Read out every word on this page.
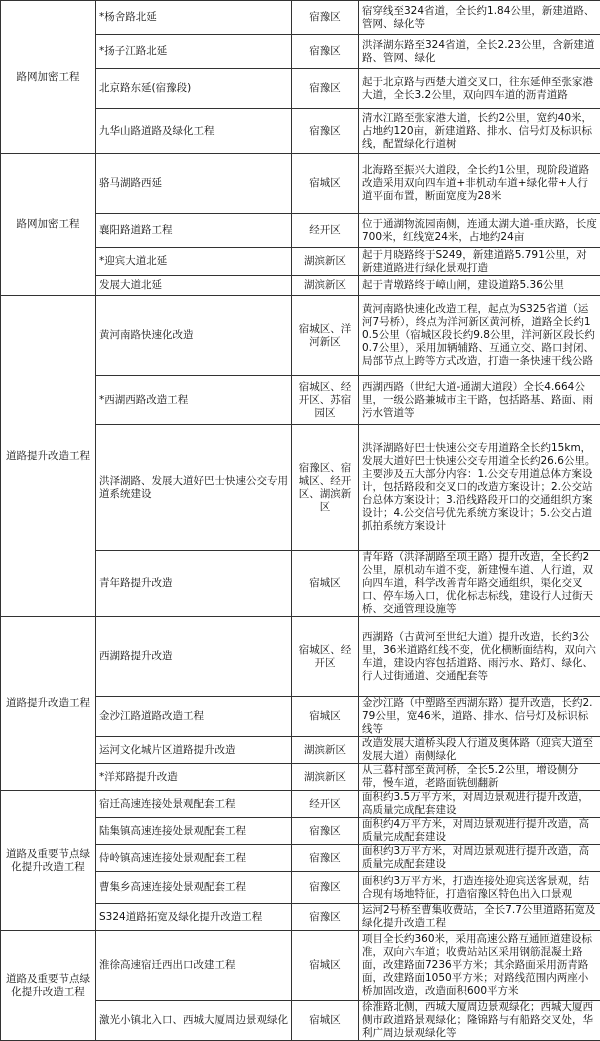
路网加密工程	*杨舍路北延	宿豫区	宿穿线至324省道，全长约1.84公里，新建道路、管网、绿化等
	*扬子江路北延	宿豫区	洪泽湖东路至324省道，全长2.23公里，含新建道路、管网、绿化
	北京路东延(宿豫段)	宿豫区	起于北京路与西楚大道交叉口，往东延伸至张家港大道，全长3.2公里，双向四车道的沥青道路
	九华山路道路及绿化工程	宿豫区	清水江路至张家港大道，长约2公里，宽约40米，占地约120亩，新建道路、排水、信号灯及标识标线，配置绿化行道树
路网加密工程	骆马湖路西延	宿城区	北海路至振兴大道段，全长约1公里，现阶段道路改造采用双向四车道+非机动车道+绿化带+人行道平面布置，断面宽度为28米
	襄阳路道路工程	经开区	位于通湖物流园南侧，连通太湖大道-重庆路，长度700米，红线宽24米，占地约24亩
	*迎宾大道北延	湖滨新区	起于月晓路终于S249，新建道路5.791公里，对新建道路进行绿化景观打造
	发展大道北延	湖滨新区	起于青墩路终于嶂山闸，建设道路5.36公里
道路提升改造工程	黄河南路快速化改造	宿城区、洋河新区	黄河南路快速化改造工程，起点为S325省道（运河7号桥），终点为洋河新区黄河桥，道路全长约10.5公里（宿城区段长约9.8公里，洋河新区段长约0.7公里），采用加辆辅路、互通立交、路口封闭、局部节点上跨等方式改造，打造一条快速干线公路
	*西湖西路改造工程	宿城区、经开区、苏宿园区	西湖西路（世纪大道-通湖大道段）全长4.664公里，一级公路兼城市主干路，包括路基、路面、雨污水管道等
	洪泽湖路、发展大道好巴士快速公交专用道系统建设	宿豫区、宿城区、经开区、湖滨新区	洪泽湖路好巴士快速公交专用道路全长约15km，发展大道好巴士快速公交专用道全长约26.6公里。主要涉及五大部分内容：1.公交专用道总体方案设计，包括路段和交叉口的改造方案设计；2.公交站台总体方案设计；3.沿线路段开口的交通组织方案设计；4.公交信号优先系统方案设计；5.公交占道抓拍系统方案设计
	青年路提升改造	宿城区	青年路（洪泽湖路至项王路）提升改造，全长约2公里，原机动车道不变，新建慢车道、人行道，双向四车道，科学改善青年路交通组织，渠化交叉口、停车场入口，优化标志标线，建设行人过街天桥、交通管理设施等
道路提升改造工程	西湖路提升改造	宿城区、经开区	西湖路（古黄河至世纪大道）提升改造，长约3公里，36米道路红线不变，优化横断面结构，双向六车道，建设内容包括道路、雨污水、路灯、绿化、行人过街通道、交通配套等
	金沙江路道路改造工程	宿城区	金沙江路（中塑路至西湖东路）提升改造，长约2.79公里，宽46米，道路、排水、信号灯及标识标线等
	运河文化城片区道路提升改造	湖滨新区	改造发展大道桥头段人行道及奥体路（迎宾大道至发展大道）南侧绿化
	*洋郑路提升改造	湖滨新区	从三暮村部至黄河桥，全长5.2公里，增设侧分带，慢车道，老路面铣刨翻新
道路及重要节点绿化提升改造工程	宿迁高速连接处景观配套工程	经开区	面积约3.5万平方米，对周边景观进行提升改造，高质量完成配套建设
	陆集镇高速连接处景观配套工程	宿豫区	面积约4万平方米，对周边景观进行提升改造，高质量完成配套建设
	侍岭镇高速连接处景观配套工程	宿豫区	面积约3万平方米，对周边景观进行提升改造，高质量完成配套建设
	曹集乡高速连接处景观配套工程	宿豫区	面积约3万平方米，打造连接处迎宾送客景观，结合现有场地特征，打造宿豫区特色出入口景观
	S324道路拓宽及绿化提升改造工程	宿豫区	运河2号桥至曹集收费站，全长7.7公里道路拓宽及绿化提升改造工程
道路及重要节点绿化提升改造工程	淮徐高速宿迁西出口改建工程	宿城区	项目全长约360米，采用高速公路互通匝道建设标准，双向六车道；收费站站区采用钢筋混凝土路面，改建路面7236平方米；其余路面采用沥青路面，改建路面1050平方米；对路线范围内两座小桥加固改造，改造面积600平方米
	激光小镇北入口、西城大厦周边景观绿化	宿城区	徐淮路北侧，西城大厦周边景观绿化；西城大厦西侧市政道路景观绿化；隆锦路与有船路交叉处，华利广周边景观绿化等
